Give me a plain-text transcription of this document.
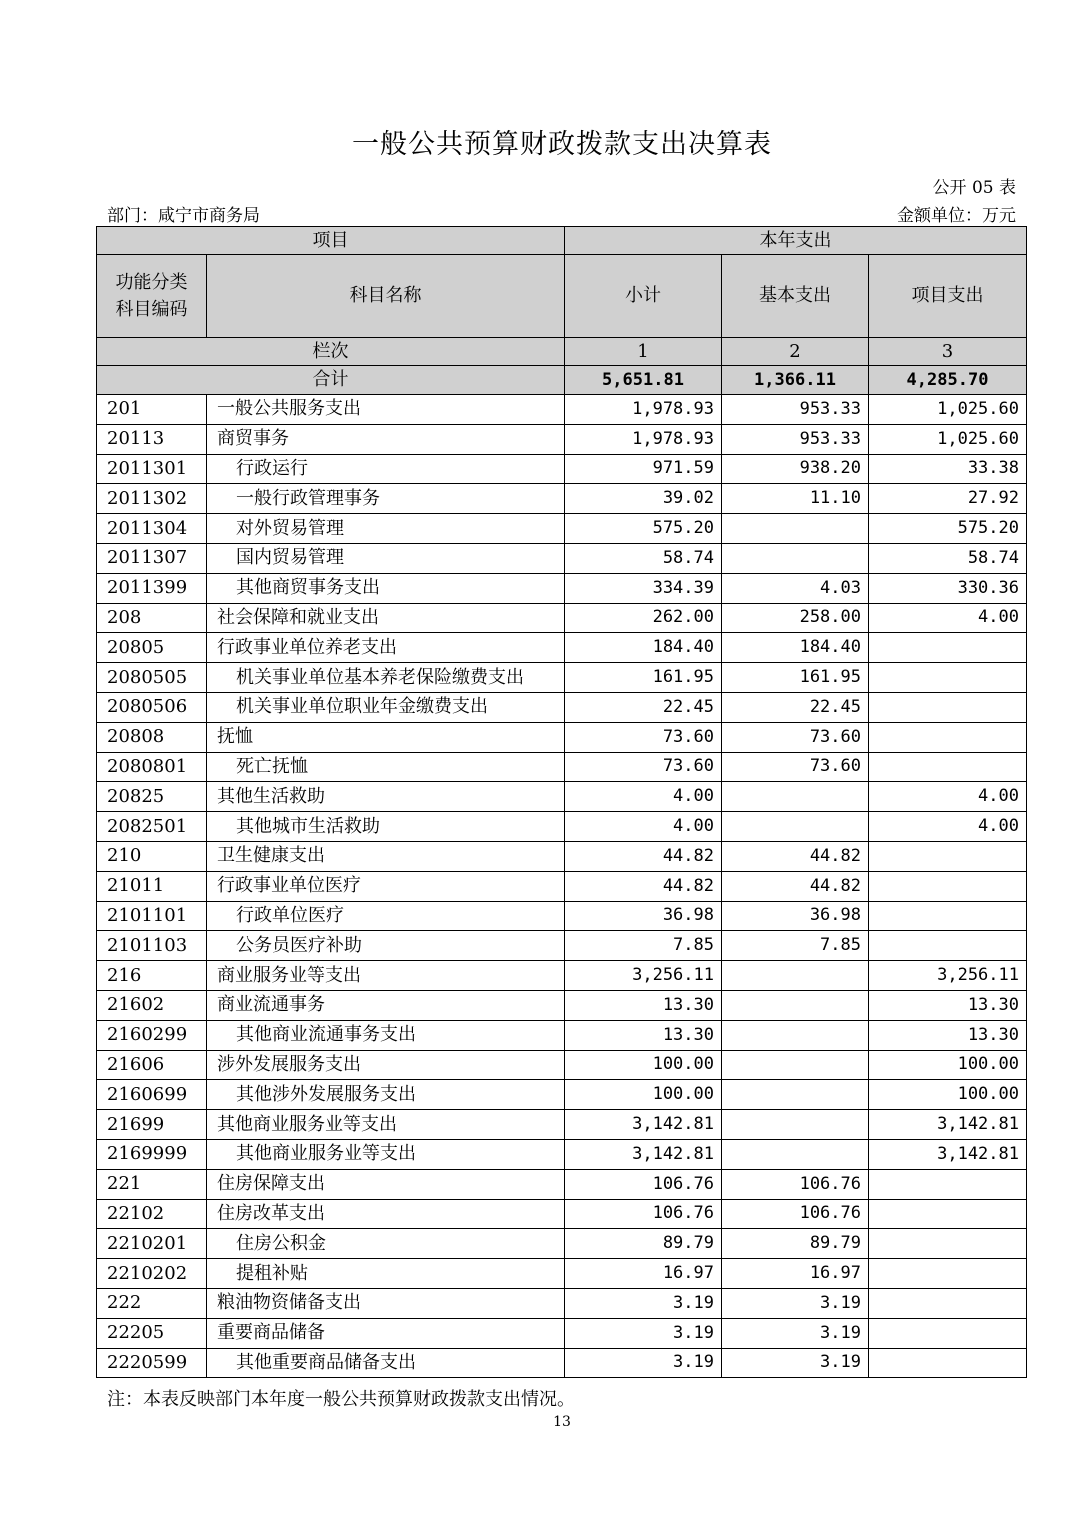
一般公共预算财政拨款支出决算表
公开 05 表
部门：咸宁市商务局	金额单位：万元
项目		本年支出		
功能分类科目编码	科目名称	小计	基本支出	项目支出
栏次		1	2	3
合计		5,651.81	1,366.11	4,285.70
201	一般公共服务支出	1,978.93	953.33	1,025.60
20113	商贸事务	1,978.93	953.33	1,025.60
2011301	行政运行	971.59	938.20	33.38
2011302	一般行政管理事务	39.02	11.10	27.92
2011304	对外贸易管理	575.20		575.20
2011307	国内贸易管理	58.74		58.74
2011399	其他商贸事务支出	334.39	4.03	330.36
208	社会保障和就业支出	262.00	258.00	4.00
20805	行政事业单位养老支出	184.40	184.40	
2080505	机关事业单位基本养老保险缴费支出	161.95	161.95	
2080506	机关事业单位职业年金缴费支出	22.45	22.45	
20808	抚恤	73.60	73.60	
2080801	死亡抚恤	73.60	73.60	
20825	其他生活救助	4.00		4.00
2082501	其他城市生活救助	4.00		4.00
210	卫生健康支出	44.82	44.82	
21011	行政事业单位医疗	44.82	44.82	
2101101	行政单位医疗	36.98	36.98	
2101103	公务员医疗补助	7.85	7.85	
216	商业服务业等支出	3,256.11		3,256.11
21602	商业流通事务	13.30		13.30
2160299	其他商业流通事务支出	13.30		13.30
21606	涉外发展服务支出	100.00		100.00
2160699	其他涉外发展服务支出	100.00		100.00
21699	其他商业服务业等支出	3,142.81		3,142.81
2169999	其他商业服务业等支出	3,142.81		3,142.81
221	住房保障支出	106.76	106.76	
22102	住房改革支出	106.76	106.76	
2210201	住房公积金	89.79	89.79	
2210202	提租补贴	16.97	16.97	
222	粮油物资储备支出	3.19	3.19	
22205	重要商品储备	3.19	3.19	
2220599	其他重要商品储备支出	3.19	3.19	
注：本表反映部门本年度一般公共预算财政拨款支出情况。
13
